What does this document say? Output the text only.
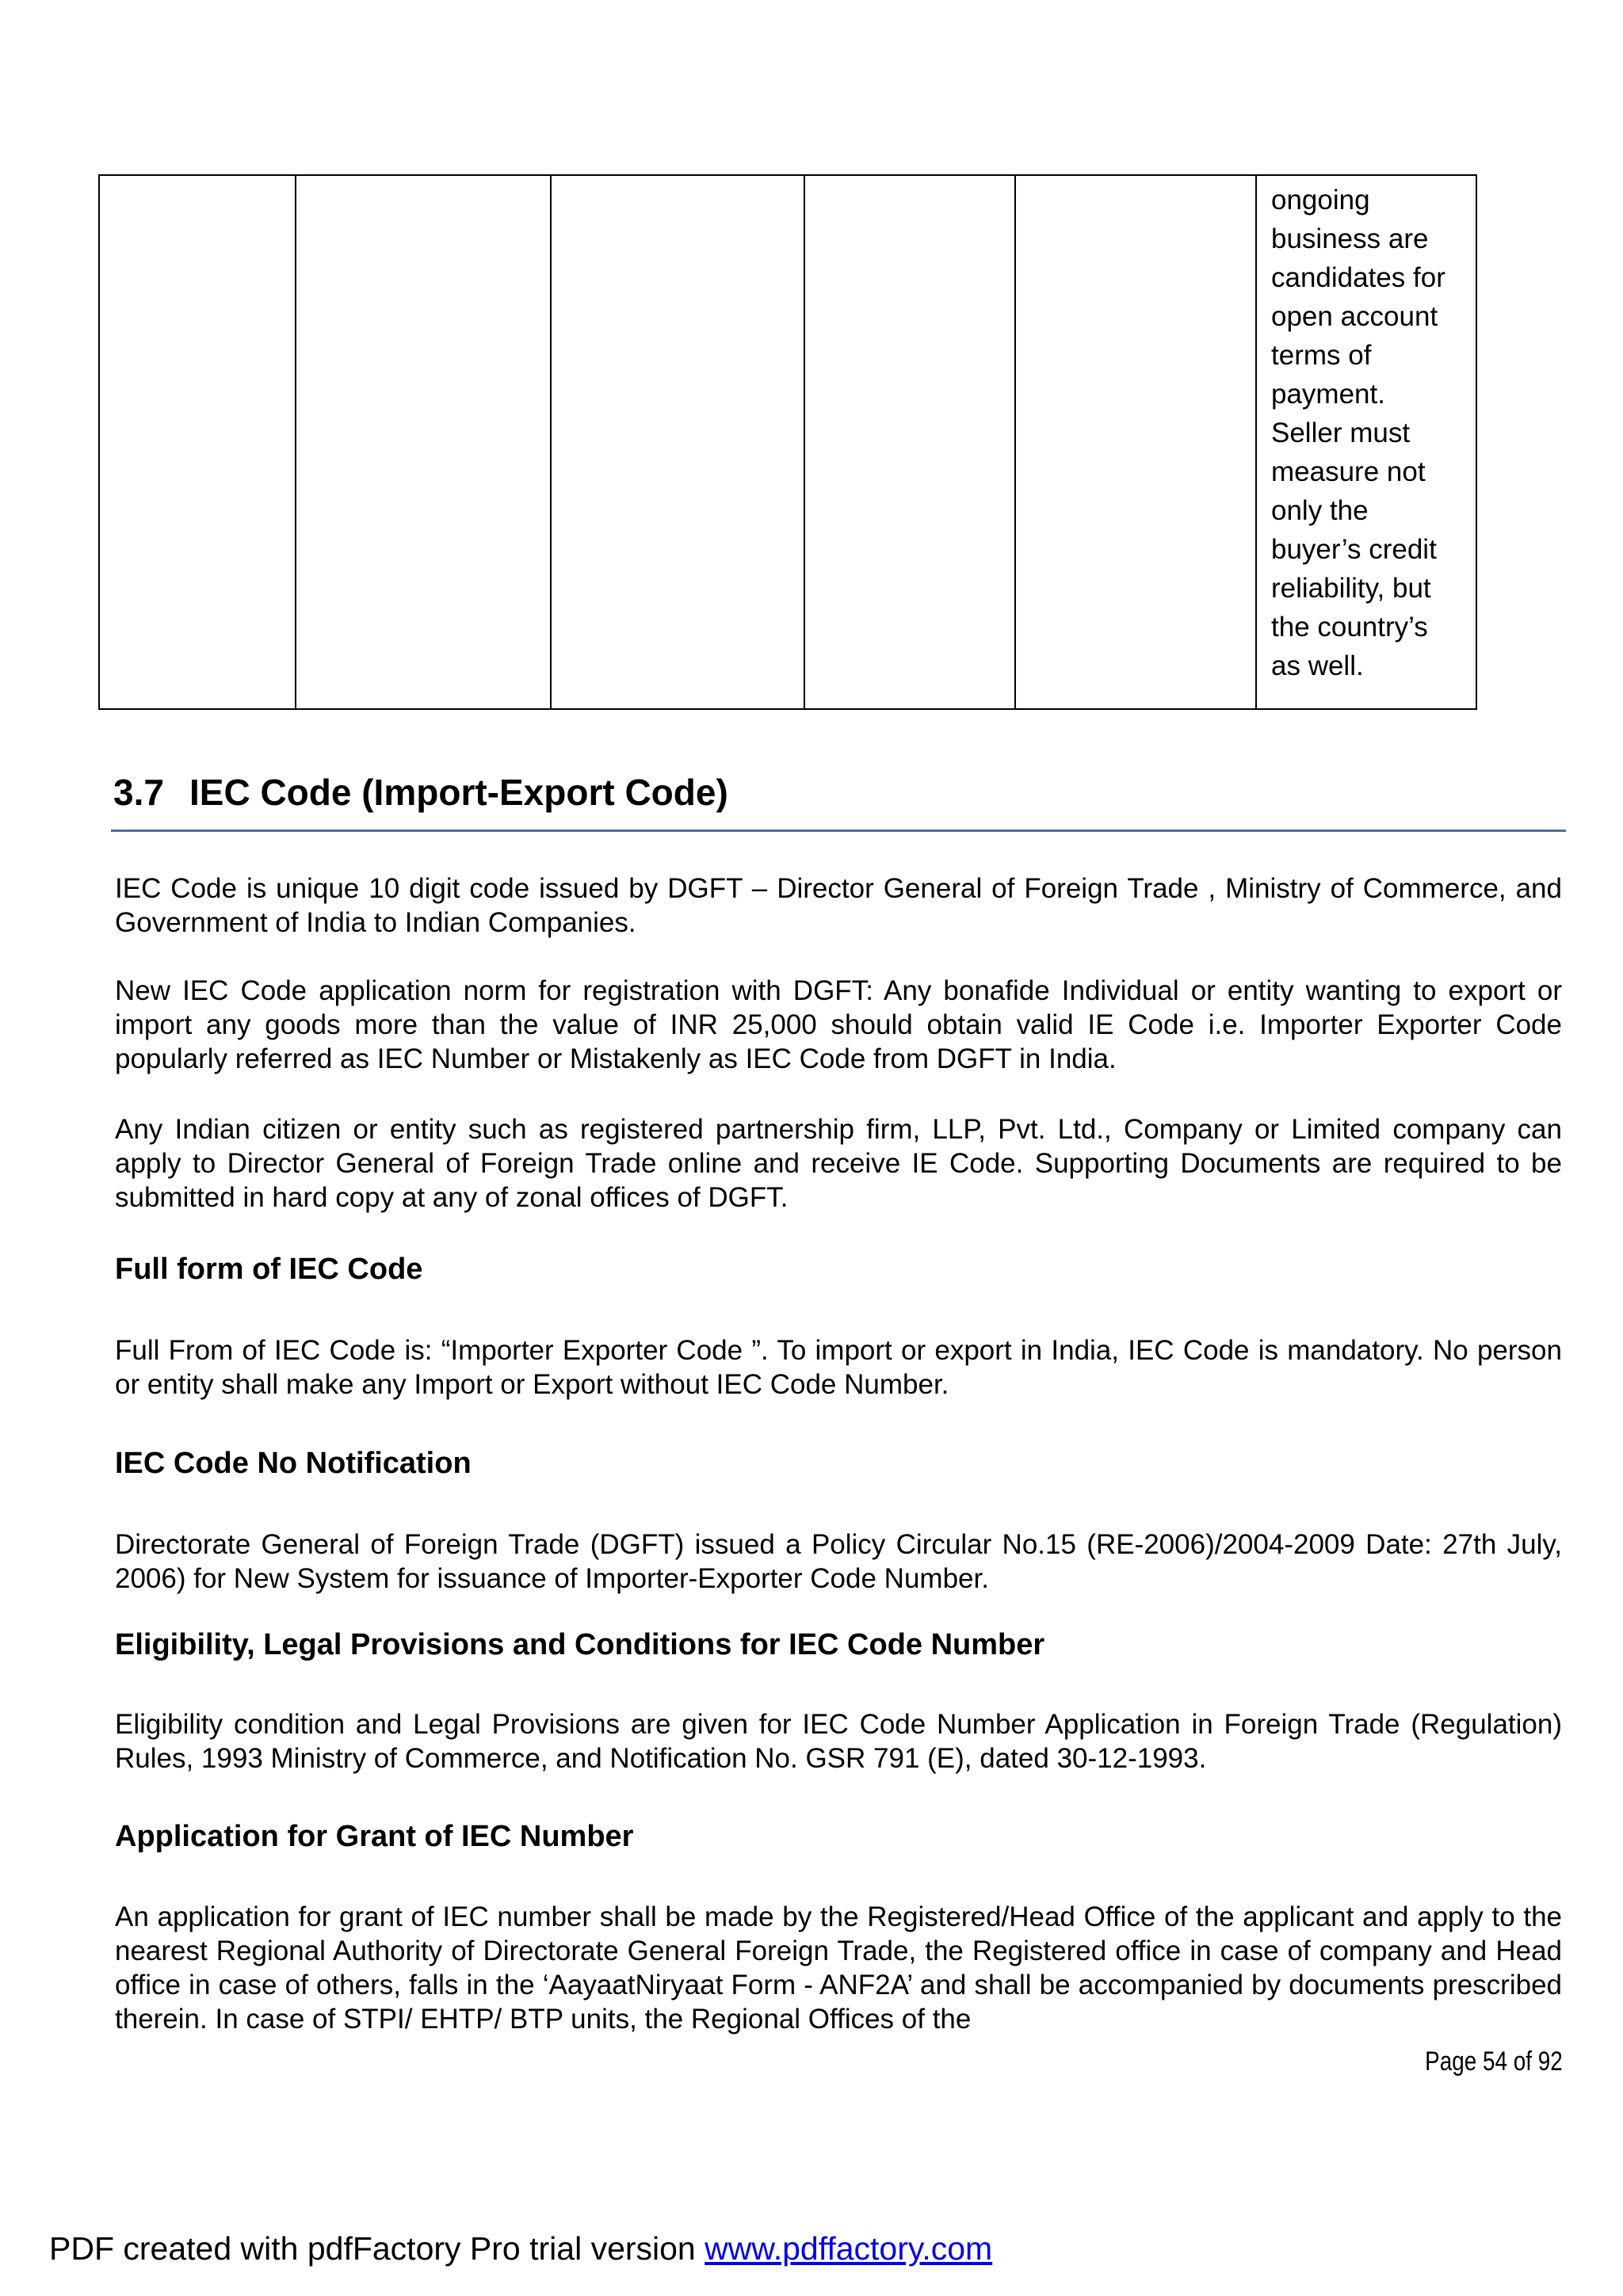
ongoing
business are
candidates for
open account
terms of
payment.
Seller must
measure not
only the
buyer’s credit
reliability, but
the country’s
as well.
3.7 IEC Code (Import-Export Code)

IEC Code is unique 10 digit code issued by DGFT – Director General of Foreign Trade , Ministry of Commerce, and Government of India to Indian Companies.

New IEC Code application norm for registration with DGFT: Any bonafide Individual or entity wanting to export or import any goods more than the value of INR 25,000 should obtain valid IE Code i.e. Importer Exporter Code popularly referred as IEC Number or Mistakenly as IEC Code from DGFT in India.

Any Indian citizen or entity such as registered partnership firm, LLP, Pvt. Ltd., Company or Limited company can apply to Director General of Foreign Trade online and receive IE Code. Supporting Documents are required to be submitted in hard copy at any of zonal offices of DGFT.

Full form of IEC Code

Full From of IEC Code is: “Importer Exporter Code ”. To import or export in India, IEC Code is mandatory. No person or entity shall make any Import or Export without IEC Code Number.

IEC Code No Notification

Directorate General of Foreign Trade (DGFT) issued a Policy Circular No.15 (RE-2006)/2004-2009 Date: 27th July, 2006) for New System for issuance of Importer-Exporter Code Number.

Eligibility, Legal Provisions and Conditions for IEC Code Number

Eligibility condition and Legal Provisions are given for IEC Code Number Application in Foreign Trade (Regulation) Rules, 1993 Ministry of Commerce, and Notification No. GSR 791 (E), dated 30-12-1993.

Application for Grant of IEC Number

An application for grant of IEC number shall be made by the Registered/Head Office of the applicant and apply to the nearest Regional Authority of Directorate General Foreign Trade, the Registered office in case of company and Head office in case of others, falls in the ‘AayaatNiryaat Form - ANF2A’ and shall be accompanied by documents prescribed therein. In case of STPI/ EHTP/ BTP units, the Regional Offices of the

Page 54 of 92

PDF created with pdfFactory Pro trial version www.pdffactory.com
